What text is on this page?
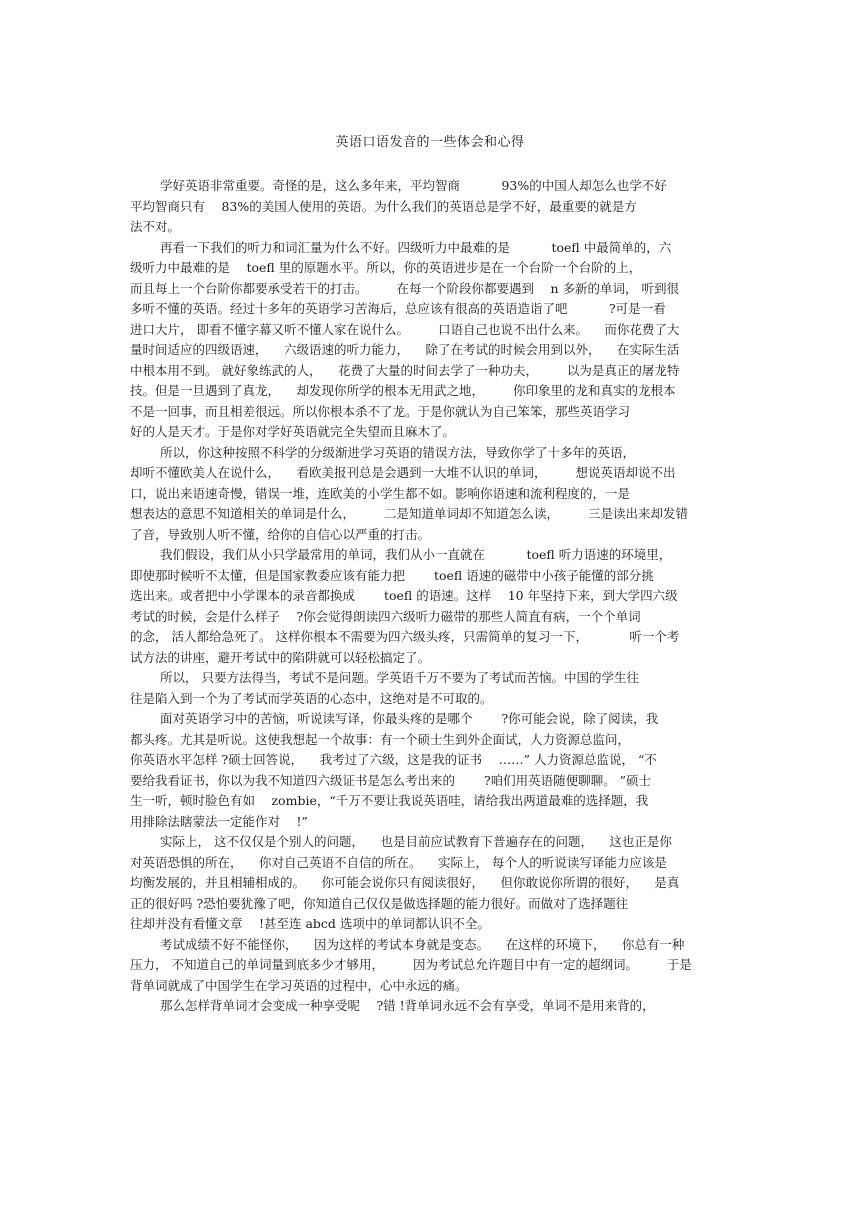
英语口语发音的一些体会和心得
学好英语非常重要。奇怪的是，这么多年来，平均智商 　　　93%的中国人却怎么也学不好
平均智商只有 　83%的美国人使用的英语。为什么我们的英语总是学不好，最重要的就是方
法不对。
再看一下我们的听力和词汇量为什么不好。四级听力中最难的是 　　　toefl 中最简单的，六
级听力中最难的是 　toefl 里的原题水平。所以，你的英语进步是在一个台阶一个台阶的上，
而且每上一个台阶你都要承受若干的打击。 　　在每一个阶段你都要遇到 　n 多新的单词， 听到很
多听不懂的英语。经过十多年的英语学习苦海后，总应该有很高的英语造诣了吧 　　　?可是一看
进口大片， 即看不懂字幕又听不懂人家在说什么。 　　口语自己也说不出什么来。 　而你花费了大
量时间适应的四级语速， 　六级语速的听力能力， 　除了在考试的时候会用到以外， 　在实际生活
中根本用不到。 就好象练武的人， 　花费了大量的时间去学了一种功夫， 　　以为是真正的屠龙特
技。但是一旦遇到了真龙， 　却发现你所学的根本无用武之地， 　　你印象里的龙和真实的龙根本
不是一回事，而且相差很远。所以你根本杀不了龙。于是你就认为自己笨笨，那些英语学习
好的人是天才。于是你对学好英语就完全失望而且麻木了。
所以，你这种按照不科学的分级渐进学习英语的错误方法，导致你学了十多年的英语，
却听不懂欧美人在说什么， 　看欧美报刊总是会遇到一大堆不认识的单词， 　　想说英语却说不出
口，说出来语速奇慢，错误一堆，连欧美的小学生都不如。影响你语速和流利程度的，一是
想表达的意思不知道相关的单词是什么， 　　二是知道单词却不知道怎么读， 　　三是读出来却发错
了音，导致别人听不懂，给你的自信心以严重的打击。
我们假设，我们从小只学最常用的单词，我们从小一直就在 　　　toefl 听力语速的环境里，
即使那时候听不太懂，但是国家教委应该有能力把 　　toefl 语速的磁带中小孩子能懂的部分挑
选出来。或者把中小学课本的录音都换成 　　toefl 的语速。这样 　10 年坚持下来，到大学四六级
考试的时候，会是什么样子 　?你会觉得朗读四六级听力磁带的那些人简直有病，一个个单词
的念， 活人都给急死了。 这样你根本不需要为四六级头疼，只需简单的复习一下， 　　　听一个考
试方法的讲座，避开考试中的陷阱就可以轻松搞定了。
所以， 只要方法得当，考试不是问题。学英语千万不要为了考试而苦恼。中国的学生往
往是陷入到一个为了考试而学英语的心态中，这绝对是不可取的。
面对英语学习中的苦恼，听说读写译，你最头疼的是哪个 　　?你可能会说，除了阅读，我
都头疼。尤其是听说。这使我想起一个故事：有一个硕士生到外企面试，人力资源总监问，
你英语水平怎样 ?硕士回答说， 　我考过了六级，这是我的证书 　……” 人力资源总监说， “不
要给我看证书，你以为我不知道四六级证书是怎么考出来的 　　?咱们用英语随便聊聊。 ”硕士
生一听，顿时脸色有如 　zombie，“千万不要让我说英语哇，请给我出两道最难的选择题，我
用排除法瞎蒙法一定能作对 　!”
实际上， 这不仅仅是个别人的问题， 　也是目前应试教育下普遍存在的问题， 　这也正是你
对英语恐惧的所在， 　你对自己英语不自信的所在。 　实际上， 每个人的听说读写译能力应该是
均衡发展的，并且相辅相成的。 　你可能会说你只有阅读很好， 　但你敢说你所谓的很好， 　是真
正的很好吗 ?恐怕要犹豫了吧，你知道自己仅仅是做选择题的能力很好。而做对了选择题往
往却并没有看懂文章 　!甚至连 abcd 选项中的单词都认识不全。
考试成绩不好不能怪你， 　因为这样的考试本身就是变态。 　在这样的环境下， 　你总有一种
压力， 不知道自己的单词量到底多少才够用， 　　因为考试总允许题目中有一定的超纲词。 　　于是
背单词就成了中国学生在学习英语的过程中，心中永远的痛。
那么怎样背单词才会变成一种享受呢 　?错 !背单词永远不会有享受，单词不是用来背的，
